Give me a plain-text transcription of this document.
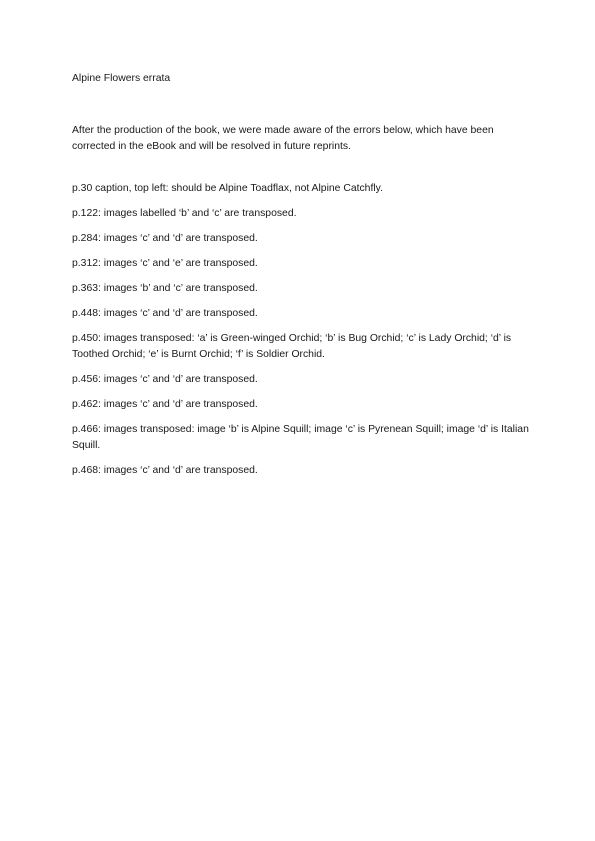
Alpine Flowers errata

After the production of the book, we were made aware of the errors below, which have been corrected in the eBook and will be resolved in future reprints.

p.30 caption, top left: should be Alpine Toadflax, not Alpine Catchfly.
p.122: images labelled ‘b’ and ‘c’ are transposed.
p.284: images ‘c’ and ‘d’ are transposed.
p.312: images ‘c’ and ‘e’ are transposed.
p.363: images ‘b’ and ‘c’ are transposed.
p.448: images ‘c’ and ‘d’ are transposed.
p.450: images transposed: ‘a’ is Green-winged Orchid; ‘b’ is Bug Orchid; ‘c’ is Lady Orchid; ‘d’ is Toothed Orchid; ‘e’ is Burnt Orchid; ‘f’ is Soldier Orchid.
p.456: images ‘c’ and ‘d’ are transposed.
p.462: images ‘c’ and ‘d’ are transposed.
p.466: images transposed: image ‘b’ is Alpine Squill; image ‘c’ is Pyrenean Squill; image ‘d’ is Italian Squill.
p.468: images ‘c’ and ‘d’ are transposed.
